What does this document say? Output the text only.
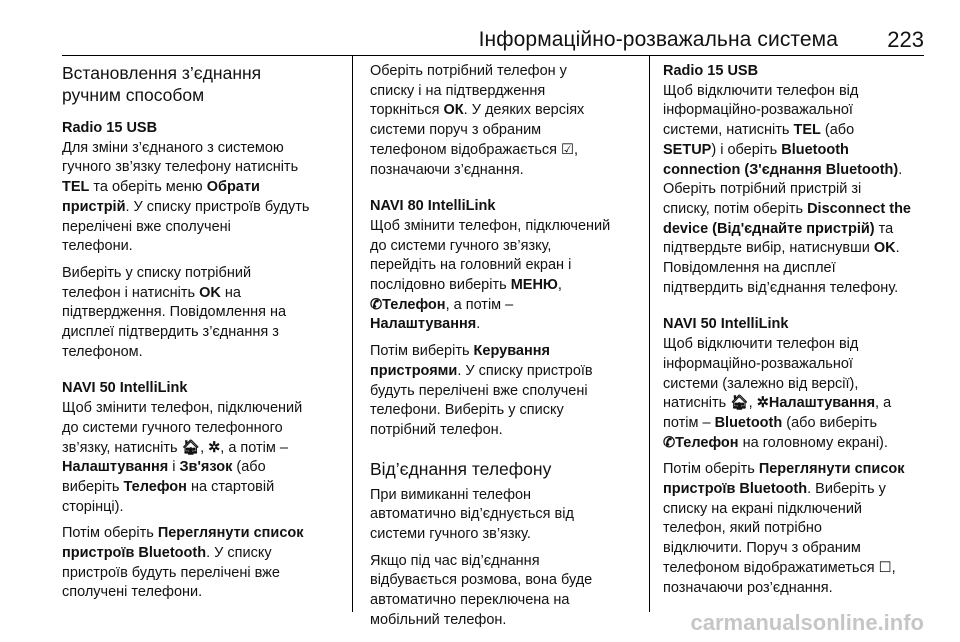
Інформаційно-розважальна система 223
Встановлення з’єднання
ручним способом
Radio 15 USB

Для зміни з’єднаного з системою
гучного зв’язку телефону натисніть
TEL та оберіть меню Обрати
пристрій. У списку пристроїв будуть
перелічені вже сполучені
телефони.

Виберіть у списку потрібний
телефон і натисніть OK на
підтвердження. Повідомлення на
дисплеї підтвердить з’єднання з
телефоном.

NAVI 50 IntelliLink

Щоб змінити телефон, підключений
до системи гучного телефонного
зв’язку, натисніть 🏠︎, ✲, а потім –
Налаштування і Зв'язок (або
виберіть Телефон на стартовій
сторінці).

Потім оберіть Переглянути список
пристроїв Bluetooth. У списку
пристроїв будуть перелічені вже
сполучені телефони.

Оберіть потрібний телефон у
списку і на підтвердження
торкніться ОК. У деяких версіях
системи поруч з обраним
телефоном відображається ☑,
позначаючи з’єднання.

NAVI 80 IntelliLink

Щоб змінити телефон, підключений
до системи гучного зв’язку,
перейдіть на головний екран і
послідовно виберіть МЕНЮ,
✆Телефон, а потім –
Налаштування.

Потім виберіть Керування
пристроями. У списку пристроїв
будуть перелічені вже сполучені
телефони. Виберіть у списку
потрібний телефон.

Від’єднання телефону

При вимиканні телефон
автоматично від’єднується від
системи гучного зв’язку.

Якщо під час від’єднання
відбувається розмова, вона буде
автоматично переключена на
мобільний телефон.

Radio 15 USB

Щоб відключити телефон від
інформаційно-розважальної
системи, натисніть TEL (або
SETUP) і оберіть Bluetooth
connection (З'єднання Bluetooth).
Оберіть потрібний пристрій зі
списку, потім оберіть Disconnect the
device (Від'єднайте пристрій) та
підтвердьте вибір, натиснувши OK.
Повідомлення на дисплеї
підтвердить від’єднання телефону.

NAVI 50 IntelliLink

Щоб відключити телефон від
інформаційно-розважальної
системи (залежно від версії),
натисніть 🏠︎, ✲Налаштування, а
потім – Bluetooth (або виберіть
✆Телефон на головному екрані).

Потім оберіть Переглянути список
пристроїв Bluetooth. Виберіть у
списку на екрані підключений
телефон, який потрібно
відключити. Поруч з обраним
телефоном відображатиметься ☐,
позначаючи роз’єднання.

carmanualsonline.info
